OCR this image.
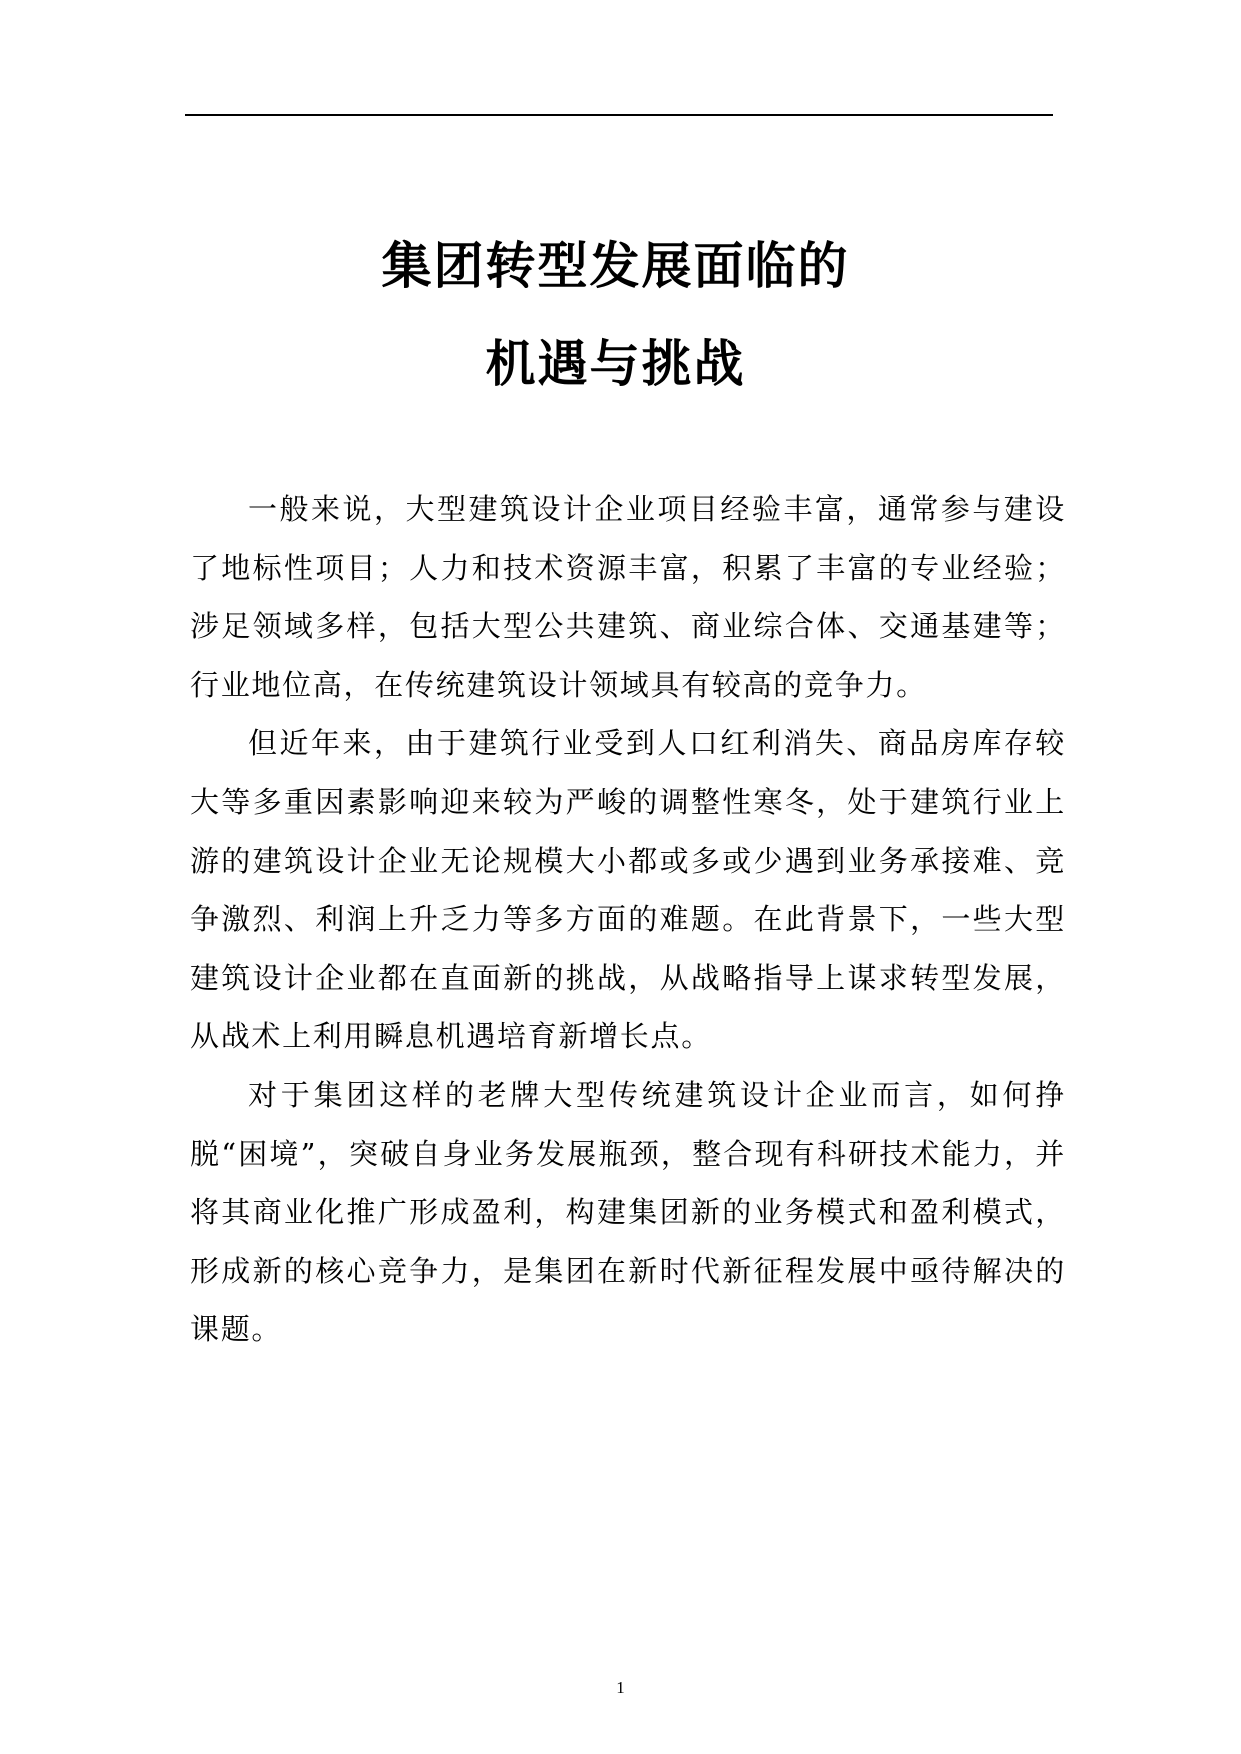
集团转型发展面临的
机遇与挑战

一般来说，大型建筑设计企业项目经验丰富，通常参与建设了地标性项目；人力和技术资源丰富，积累了丰富的专业经验；涉足领域多样，包括大型公共建筑、商业综合体、交通基建等；行业地位高，在传统建筑设计领域具有较高的竞争力。

但近年来，由于建筑行业受到人口红利消失、商品房库存较大等多重因素影响迎来较为严峻的调整性寒冬，处于建筑行业上游的建筑设计企业无论规模大小都或多或少遇到业务承接难、竞争激烈、利润上升乏力等多方面的难题。在此背景下，一些大型建筑设计企业都在直面新的挑战，从战略指导上谋求转型发展，从战术上利用瞬息机遇培育新增长点。

对于集团这样的老牌大型传统建筑设计企业而言，如何挣脱“困境”，突破自身业务发展瓶颈，整合现有科研技术能力，并将其商业化推广形成盈利，构建集团新的业务模式和盈利模式，形成新的核心竞争力，是集团在新时代新征程发展中亟待解决的课题。

1
